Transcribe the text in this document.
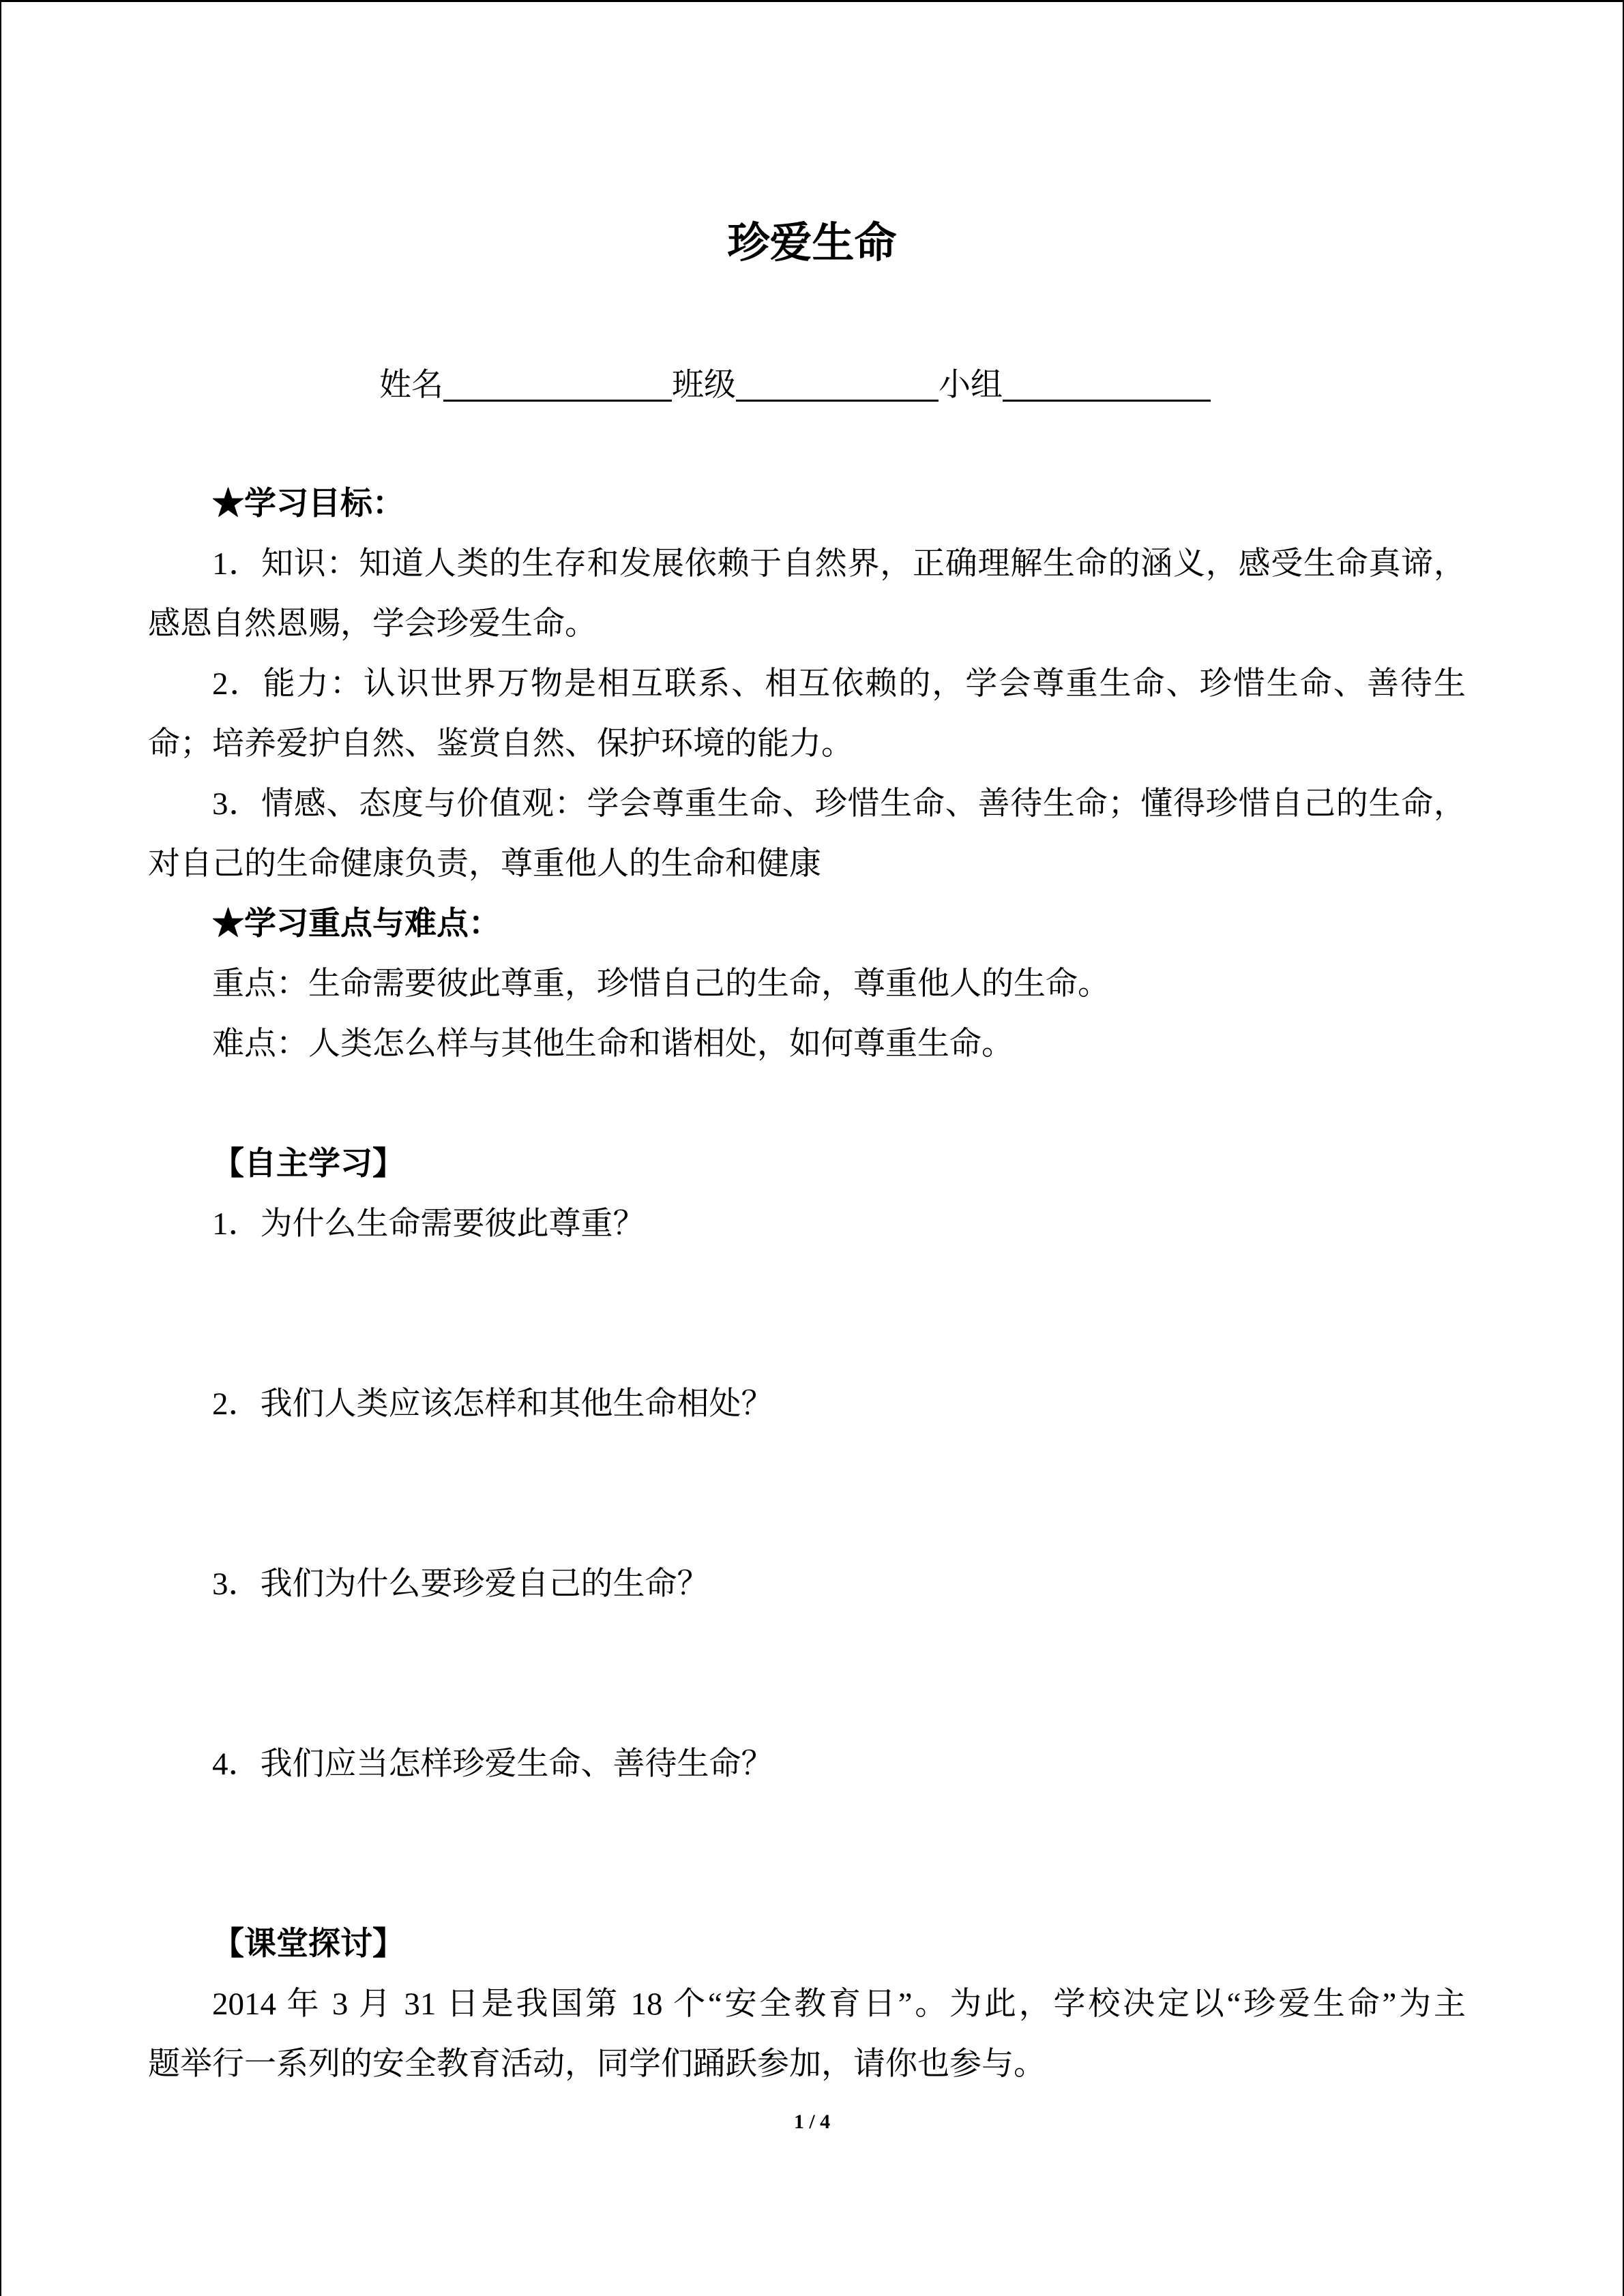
珍爱生命
姓名	班级	小组
★学习目标：
1．知识：知道人类的生存和发展依赖于自然界，正确理解生命的涵义，感受生命真谛，
感恩自然恩赐，学会珍爱生命。
2．能力：认识世界万物是相互联系、相互依赖的，学会尊重生命、珍惜生命、善待生
命；培养爱护自然、鉴赏自然、保护环境的能力。
3．情感、态度与价值观：学会尊重生命、珍惜生命、善待生命；懂得珍惜自己的生命，
对自己的生命健康负责，尊重他人的生命和健康
★学习重点与难点：
重点：生命需要彼此尊重，珍惜自己的生命，尊重他人的生命。
难点：人类怎么样与其他生命和谐相处，如何尊重生命。
【自主学习】
1．为什么生命需要彼此尊重？
2．我们人类应该怎样和其他生命相处？
3．我们为什么要珍爱自己的生命？
4．我们应当怎样珍爱生命、善待生命？
【课堂探讨】
2014 年 3 月 31 日是我国第 18 个“安全教育日”。为此，学校决定以“珍爱生命”为主
题举行一系列的安全教育活动，同学们踊跃参加，请你也参与。
1 / 4
